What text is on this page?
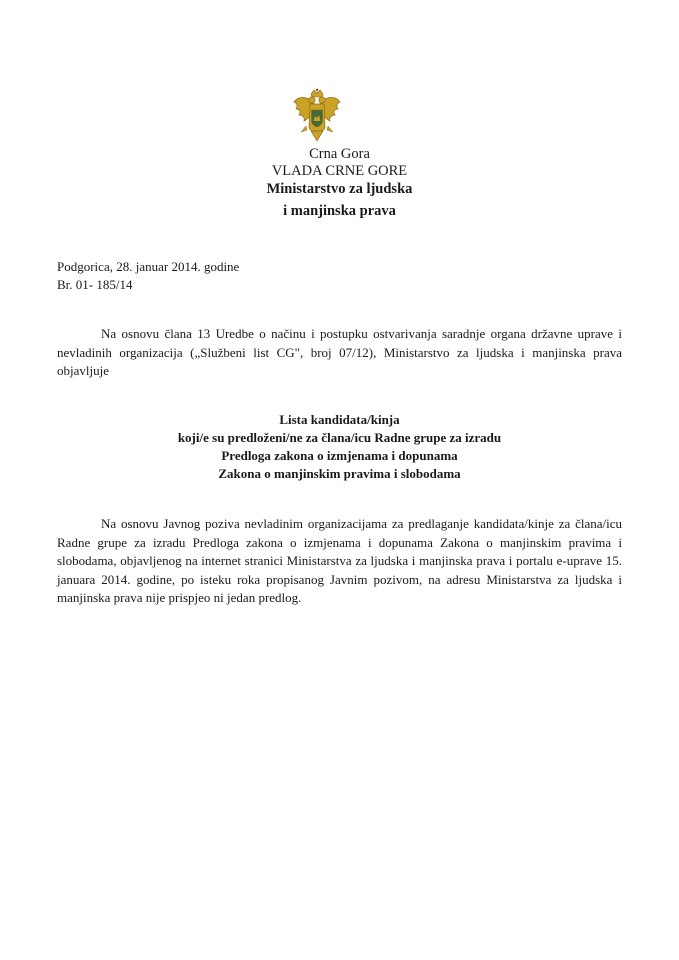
Crna Gora
VLADA CRNE GORE
Ministarstvo za ljudska
i manjinska prava
Podgorica, 28. januar 2014. godine
Br. 01- 185/14
Na osnovu člana 13 Uredbe o načinu i postupku ostvarivanja saradnje organa državne uprave i nevladinih organizacija („Službeni list CG", broj 07/12), Ministarstvo za ljudska i manjinska prava objavljuje
Lista kandidata/kinja
koji/e su predloženi/ne za člana/icu Radne grupe za izradu
Predloga zakona o izmjenama i dopunama
Zakona o manjinskim pravima i slobodama
Na osnovu Javnog poziva nevladinim organizacijama za predlaganje kandidata/kinje za člana/icu Radne grupe za izradu Predloga zakona o izmjenama i dopunama Zakona o manjinskim pravima i slobodama, objavljenog na internet stranici Ministarstva za ljudska i manjinska prava i portalu e-uprave 15. januara 2014. godine, po isteku roka propisanog Javnim pozivom, na adresu Ministarstva za ljudska i manjinska prava nije prispjeo ni jedan predlog.
